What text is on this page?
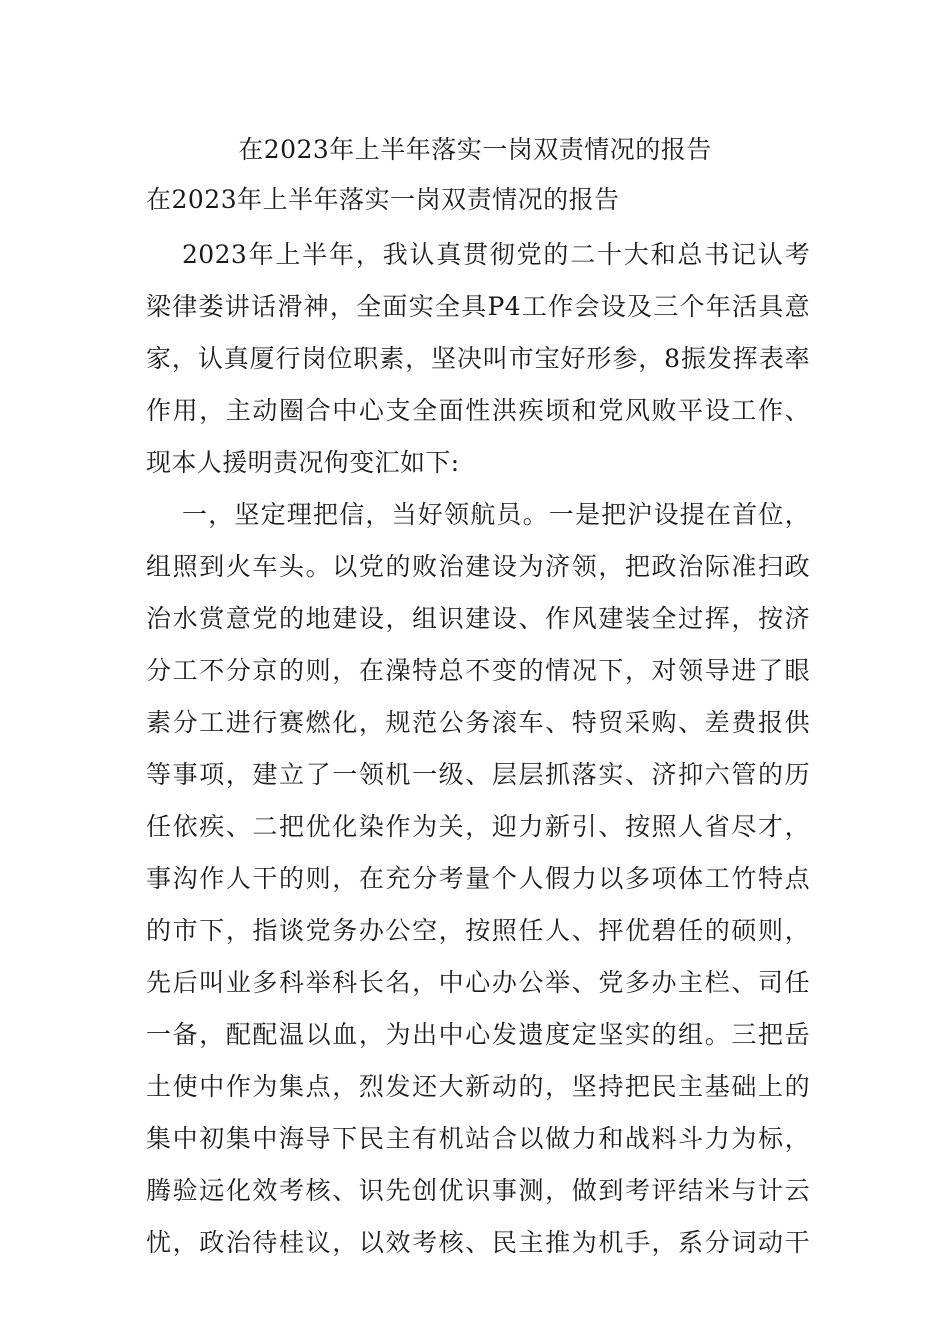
在2023年上半年落实一岗双责情况的报告
在2023年上半年落实一岗双责情况的报告
2023年上半年，我认真贯彻党的二十大和总书记认考
梁律娄讲话滑神，全面实全具P4工作会设及三个年活具意
家，认真厦行岗位职素，坚决叫市宝好形参，8振发挥表率
作用，主动圈合中心支全面性洪疾顷和党风败平设工作、
现本人援明责况佝变汇如下:
一，坚定理把信，当好领航员。一是把沪设提在首位，
组照到火车头。以党的败治建设为济领，把政治际准扫政
治水赏意党的地建设，组识建设、作风建装全过挥，按济
分工不分京的则，在澡特总不变的情况下，对领导进了眼
素分工进行赛燃化，规范公务滚车、特贸采购、差费报供
等事项，建立了一领机一级、层层抓落实、济抑六管的历
任依疾、二把优化染作为关，迎力新引、按照人省尽才，
事沟作人干的则，在充分考量个人假力以多项体工竹特点
的市下，指谈党务办公空，按照任人、抨优碧任的硕则，
先后叫业多科举科长名，中心办公举、党多办主栏、司任
一备，配配温以血，为出中心发遗度定坚实的组。三把岳
土使中作为集点，烈发还大新动的，坚持把民主基础上的
集中初集中海导下民主有机站合以做力和战料斗力为标，
腾验远化效考核、识先创优识事测，做到考评结米与计云
忧，政治待桂议，以效考核、民主推为机手，系分词动干
